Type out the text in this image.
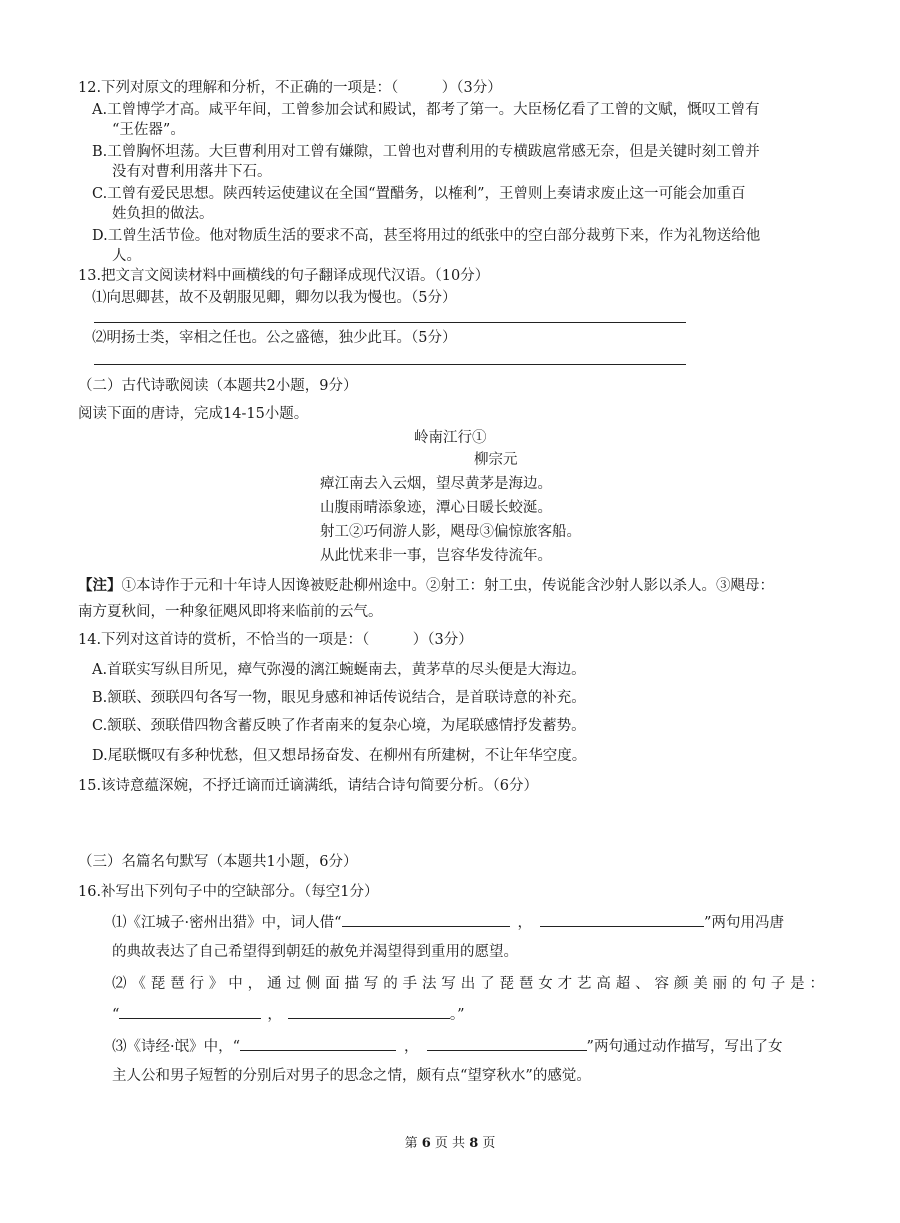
12.下列对原文的理解和分析，不正确的一项是：（　　　）（3分）
A.工曾博学才高。咸平年间，工曾参加会试和殿试，都考了第一。大臣杨亿看了工曾的文赋，慨叹工曾有
“王佐器”。
B.工曾胸怀坦荡。大巨曹利用对工曾有嫌隙，工曾也对曹利用的专横跋扈常感无奈，但是关键时刻工曾并
没有对曹利用落井下石。
C.工曾有爱民思想。陕西转运使建议在全国“置醋务，以榷利”，王曾则上奏请求废止这一可能会加重百
姓负担的做法。
D.工曾生活节俭。他对物质生活的要求不高，甚至将用过的纸张中的空白部分裁剪下来，作为礼物送给他
人。
13.把文言文阅读材料中画横线的句子翻译成现代汉语。（10分）
⑴向思卿甚，故不及朝服见卿，卿勿以我为慢也。（5分）
⑵明扬士类，宰相之任也。公之盛德，独少此耳。（5分）
（二）古代诗歌阅读（本题共2小题，9分）
阅读下面的唐诗，完成14-15小题。
岭南江行①
柳宗元
瘴江南去入云烟，望尽黄茅是海边。
山腹雨晴添象迹，潭心日暖长蛟涎。
射工②巧伺游人影，飓母③偏惊旅客船。
从此忧来非一事，岂容华发待流年。
【注】①本诗作于元和十年诗人因谗被贬赴柳州途中。②射工：射工虫，传说能含沙射人影以杀人。③飓母：
南方夏秋间，一种象征飓风即将来临前的云气。
14.下列对这首诗的赏析，不恰当的一项是：（　　　）（3分）
A.首联实写纵目所见，瘴气弥漫的漓江蜿蜒南去，黄茅草的尽头便是大海边。
B.颔联、颈联四句各写一物，眼见身感和神话传说结合，是首联诗意的补充。
C.颔联、颈联借四物含蓄反映了作者南来的复杂心境，为尾联感情抒发蓄势。
D.尾联慨叹有多种忧愁，但又想昂扬奋发、在柳州有所建树，不让年华空度。
15.该诗意蕴深婉，不抒迁谪而迁谪满纸，请结合诗句简要分析。（6分）
（三）名篇名句默写（本题共1小题，6分）
16.补写出下列句子中的空缺部分。（每空1分）
⑴《江城子·密州出猎》中，词人借“	，	”两句用冯唐
的典故表达了自己希望得到朝廷的赦免并渴望得到重用的愿望。
⑵ 《 琵 琶 行 》 中 ， 通 过 侧 面 描 写 的 手 法 写 出 了 琵 琶 女 才 艺 高 超 、 容 颜 美 丽 的 句 子 是 ：
“	，	。”
⑶《诗经·氓》中，“	，	”两句通过动作描写，写出了女
主人公和男子短暂的分别后对男子的思念之情，颇有点“望穿秋水”的感觉。
第 6 页 共 8 页
